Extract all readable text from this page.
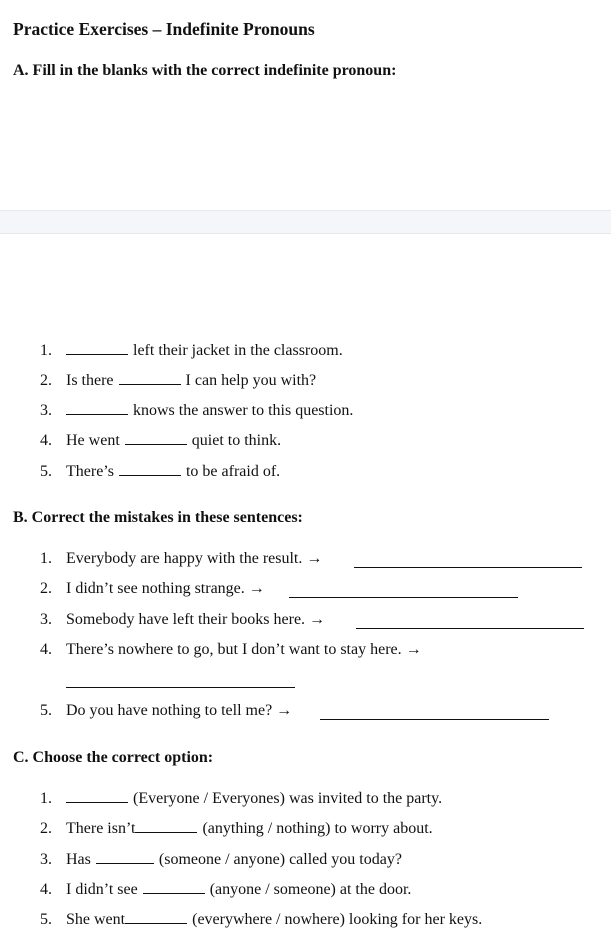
Practice Exercises – Indefinite Pronouns
A. Fill in the blanks with the correct indefinite pronoun:
1.	left their jacket in the classroom.
2. Is there	I can help you with?
3.	knows the answer to this question.
4. He went	quiet to think.
5. There’s	to be afraid of.
B. Correct the mistakes in these sentences:
1. Everybody are happy with the result. →
2. I didn’t see nothing strange. →
3. Somebody have left their books here. →
4. There’s nowhere to go, but I don’t want to stay here. →
5. Do you have nothing to tell me? →
C. Choose the correct option:
1.	(Everyone / Everyones) was invited to the party.
2. There isn’t	(anything / nothing) to worry about.
3. Has	(someone / anyone) called you today?
4. I didn’t see	(anyone / someone) at the door.
5. She went	(everywhere / nowhere) looking for her keys.
